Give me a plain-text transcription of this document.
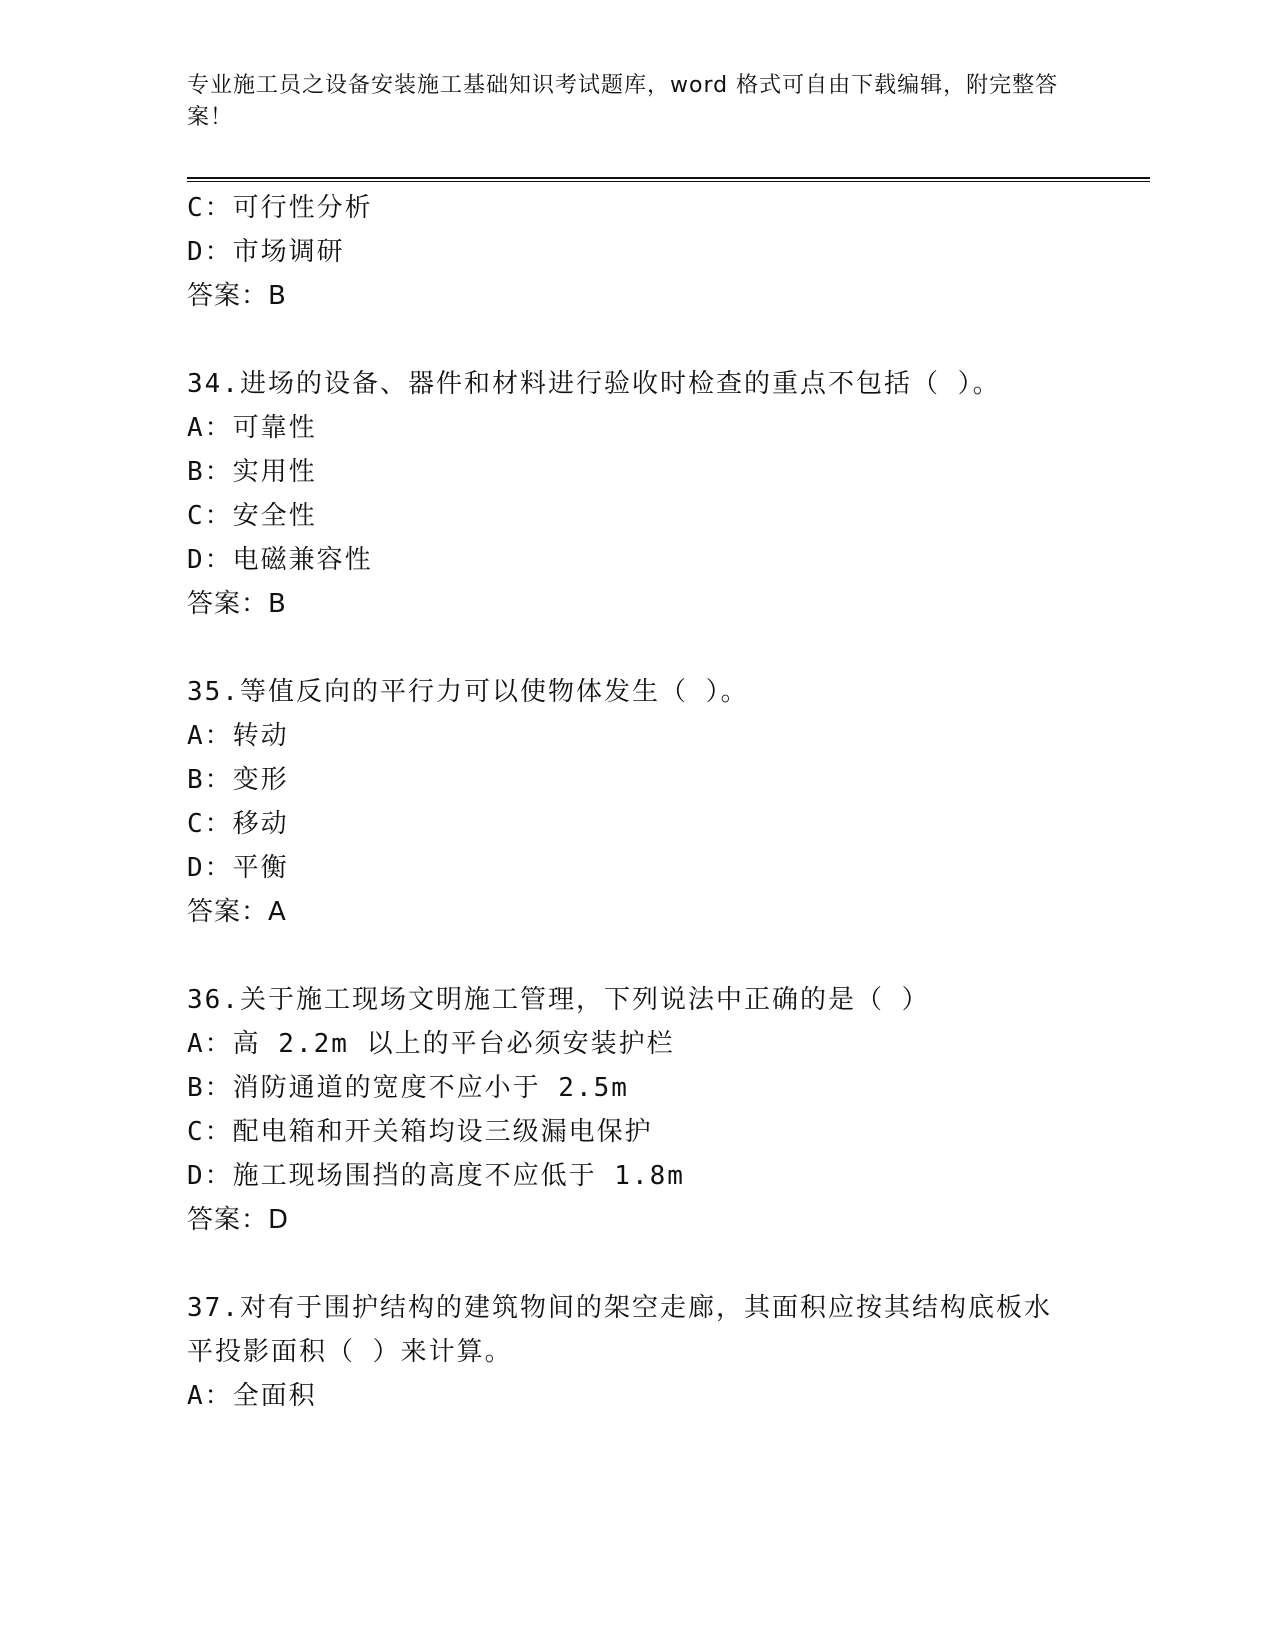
专业施工员之设备安装施工基础知识考试题库，word 格式可自由下载编辑，附完整答案！
C：可行性分析
D：市场调研
答案：B
34.进场的设备、器件和材料进行验收时检查的重点不包括（ ）。
A：可靠性
B：实用性
C：安全性
D：电磁兼容性
答案：B
35.等值反向的平行力可以使物体发生（ ）。
A：转动
B：变形
C：移动
D：平衡
答案：A
36.关于施工现场文明施工管理，下列说法中正确的是（ ）
A：高 2.2m 以上的平台必须安装护栏
B：消防通道的宽度不应小于 2.5m
C：配电箱和开关箱均设三级漏电保护
D：施工现场围挡的高度不应低于 1.8m
答案：D
37.对有于围护结构的建筑物间的架空走廊，其面积应按其结构底板水
平投影面积（ ）来计算。
A：全面积
